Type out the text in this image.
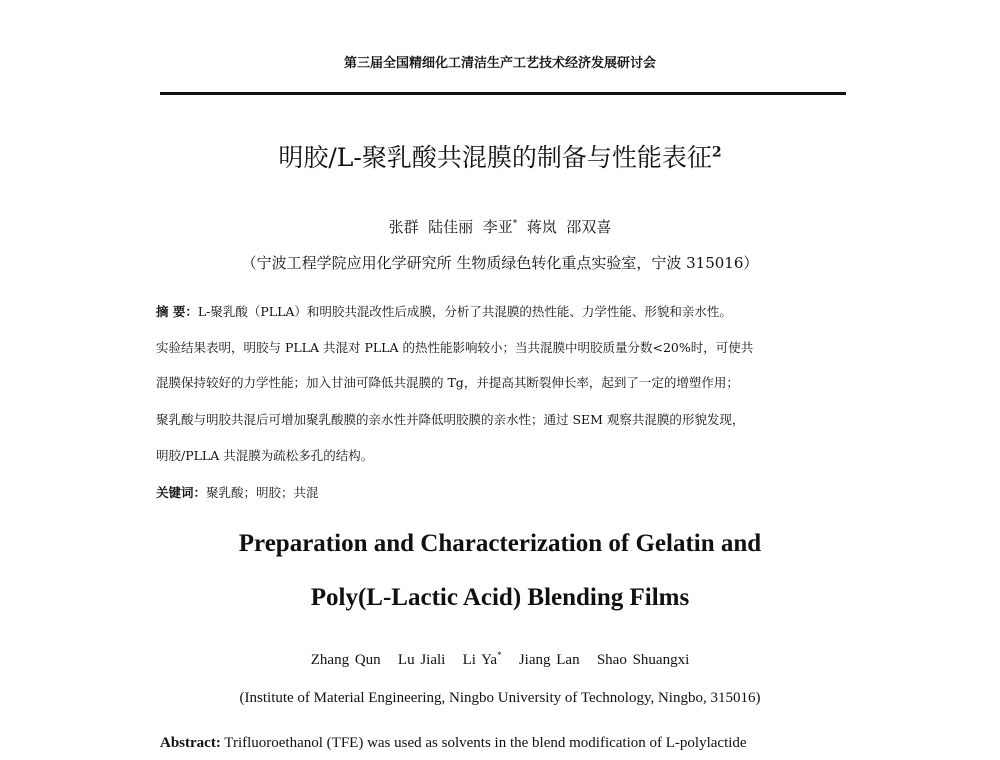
第三届全国精细化工清洁生产工艺技术经济发展研讨会
明胶/L-聚乳酸共混膜的制备与性能表征$^2$
张群 陆佳丽 李亚* 蒋岚 邵双喜
（宁波工程学院应用化学研究所 生物质绿色转化重点实验室，宁波 315016）
摘 要：L-聚乳酸（PLLA）和明胶共混改性后成膜，分析了共混膜的热性能、力学性能、形貌和亲水性。
实验结果表明，明胶与 PLLA 共混对 PLLA 的热性能影响较小；当共混膜中明胶质量分数<20%时，可使共
混膜保持较好的力学性能；加入甘油可降低共混膜的 Tg，并提高其断裂伸长率，起到了一定的增塑作用；
聚乳酸与明胶共混后可增加聚乳酸膜的亲水性并降低明胶膜的亲水性；通过 SEM 观察共混膜的形貌发现，
明胶/PLLA 共混膜为疏松多孔的结构。
关键词：聚乳酸；明胶；共混
Preparation and Characterization of Gelatin and
Poly(L-Lactic Acid) Blending Films
Zhang Qun Lu Jiali Li Ya* Jiang Lan Shao Shuangxi
(Institute of Material Engineering, Ningbo University of Technology, Ningbo, 315016)
Abstract: Trifluoroethanol (TFE) was used as solvents in the blend modification of L-polylactide
